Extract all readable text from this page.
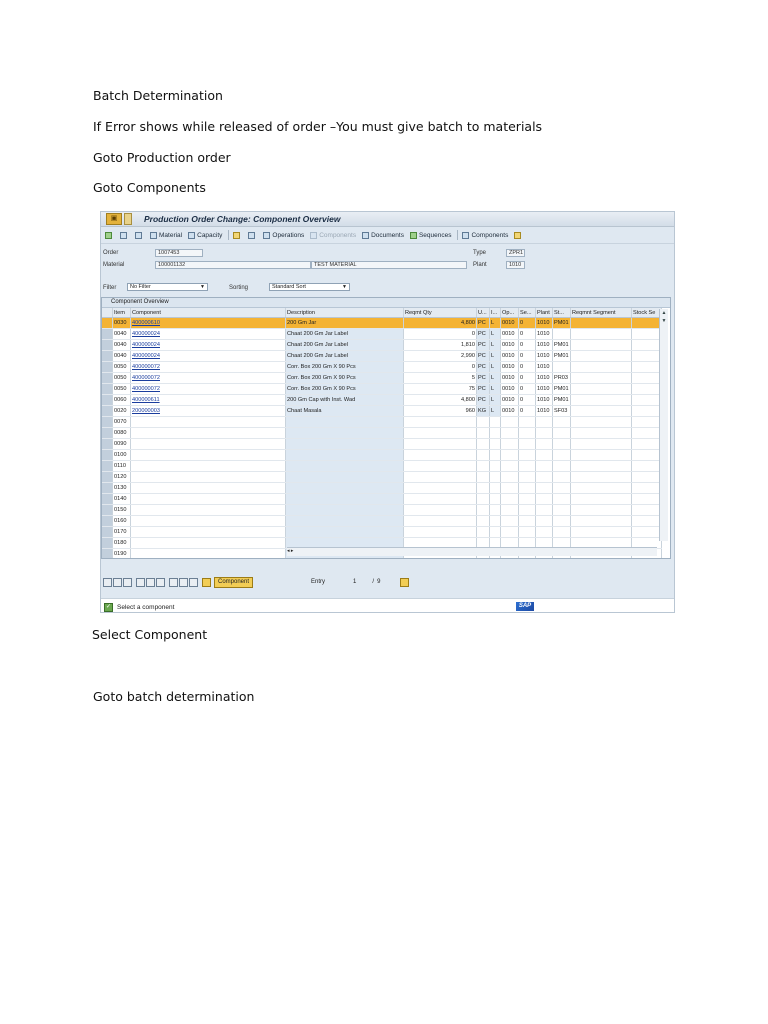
Batch Determination
If Error shows while released of order –You must give batch to materials
Goto Production order
Goto Components
▣	Production Order Change: Component Overview
Material Capacity	Operations Components Documents Sequences	Components
Order	1007453
Material	100001132	TEST MATERIAL
Type	ZPR1
Plant	1010
Filter	No Filter	▼	Sorting	Standard Sort	▼
Component Overview
	Item	Component	Description	Reqmt Qty	U...	I...	Op...	Se...	Plant	St...	Reqmnt Segment	Stock Se
	0030	400000610	200 Gm Jar	4,800	PC	L	0010	0	1010	PM01		
	0040	400000024	Chaat 200 Gm Jar Label	0	PC	L	0010	0	1010			
	0040	400000024	Chaat 200 Gm Jar Label	1,810	PC	L	0010	0	1010	PM01		
	0040	400000024	Chaat 200 Gm Jar Label	2,990	PC	L	0010	0	1010	PM01		
	0050	400000072	Corr. Box 200 Gm X 90 Pcs	0	PC	L	0010	0	1010			
	0050	400000072	Corr. Box 200 Gm X 90 Pcs	5	PC	L	0010	0	1010	PR03		
	0050	400000072	Corr. Box 200 Gm X 90 Pcs	75	PC	L	0010	0	1010	PM01		
	0060	400000611	200 Gm Cap with Inst. Wad	4,800	PC	L	0010	0	1010	PM01		
	0020	200000003	Chaat Masala	960	KG	L	0010	0	1010	SF03		
	0070											
	0080											
	0090											
	0100											
	0110											
	0120											
	0130											
	0140											
	0150											
	0160											
	0170											
	0180											
	0190											
▲
▼
◂ ▸
Component	Entry	1	/ 9
✓ Select a component	SAP
Select Component
Goto batch determination
